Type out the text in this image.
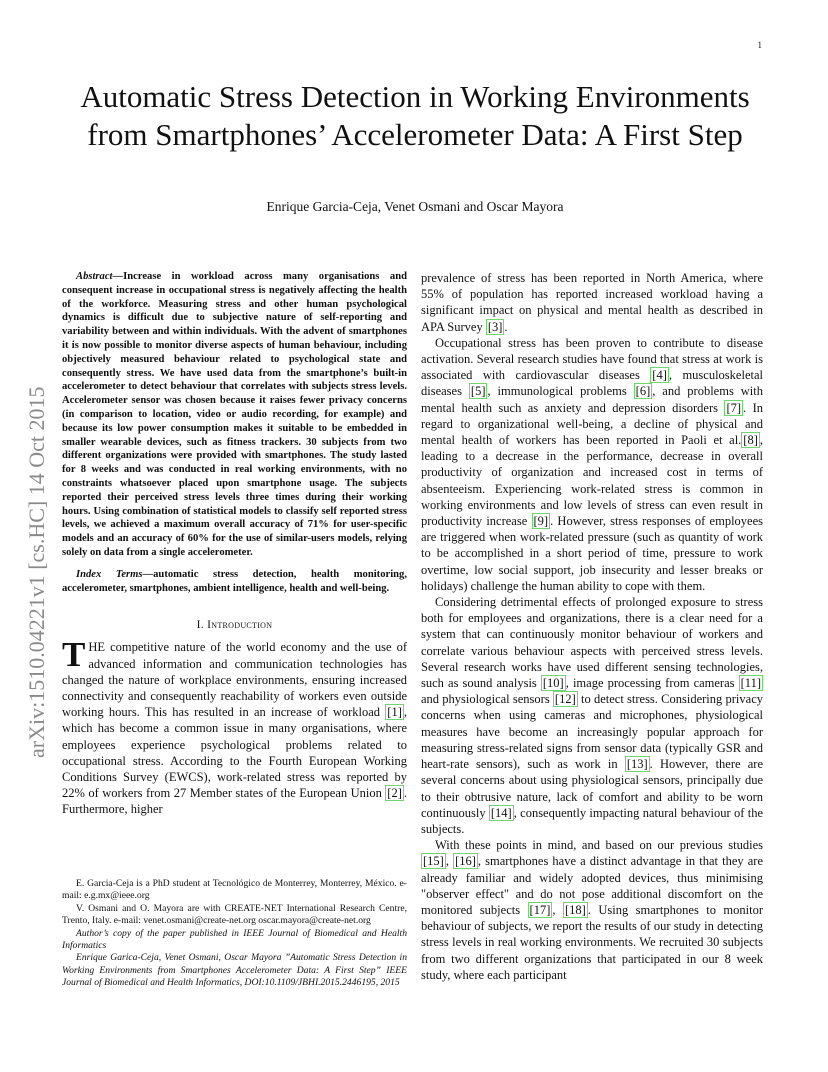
1
arXiv:1510.04221v1 [cs.HC] 14 Oct 2015
Automatic Stress Detection in Working Environments from Smartphones’ Accelerometer Data: A First Step
Enrique Garcia-Ceja, Venet Osmani and Oscar Mayora

Abstract—Increase in workload across many organisations and consequent increase in occupational stress is negatively affecting the health of the workforce. Measuring stress and other human psychological dynamics is difficult due to subjective nature of self-reporting and variability between and within individuals. With the advent of smartphones it is now possible to monitor diverse aspects of human behaviour, including objectively measured behaviour related to psychological state and consequently stress. We have used data from the smartphone’s built-in accelerometer to detect behaviour that correlates with subjects stress levels. Accelerometer sensor was chosen because it raises fewer privacy concerns (in comparison to location, video or audio recording, for example) and because its low power consumption makes it suitable to be embedded in smaller wearable devices, such as fitness trackers. 30 subjects from two different organizations were provided with smartphones. The study lasted for 8 weeks and was conducted in real working environments, with no constraints whatsoever placed upon smartphone usage. The subjects reported their perceived stress levels three times during their working hours. Using combination of statistical models to classify self reported stress levels, we achieved a maximum overall accuracy of 71% for user-specific models and an accuracy of 60% for the use of similar-users models, relying solely on data from a single accelerometer.

Index Terms—automatic stress detection, health monitoring, accelerometer, smartphones, ambient intelligence, health and well-being.

I. Introduction

THE competitive nature of the world economy and the use of advanced information and communication technologies has changed the nature of workplace environments, ensuring increased connectivity and consequently reachability of workers even outside working hours. This has resulted in an increase of workload [1] , which has become a common issue in many organisations, where employees experience psychological problems related to occupational stress. According to the Fourth European Working Conditions Survey (EWCS), work-related stress was reported by 22% of workers from 27 Member states of the European Union [2] . Furthermore, higher

E. Garcia-Ceja is a PhD student at Tecnológico de Monterrey, Monterrey, México. e-mail: e.g.mx@ieee.org

V. Osmani and O. Mayora are with CREATE-NET International Research Centre, Trento, Italy. e-mail: venet.osmani@create-net.org oscar.mayora@create-net.org

Author’s copy of the paper published in IEEE Journal of Biomedical and Health Informatics

Enrique Garica-Ceja, Venet Osmani, Oscar Mayora ”Automatic Stress Detection in Working Environments from Smartphones Accelerometer Data: A First Step” IEEE Journal of Biomedical and Health Informatics, DOI:10.1109/JBHI.2015.2446195, 2015

prevalence of stress has been reported in North America, where 55% of population has reported increased workload having a significant impact on physical and mental health as described in APA Survey [3] .

Occupational stress has been proven to contribute to disease activation. Several research studies have found that stress at work is associated with cardiovascular diseases [4] , musculoskeletal diseases [5] , immunological problems [6] , and problems with mental health such as anxiety and depression disorders [7] . In regard to organizational well-being, a decline of physical and mental health of workers has been reported in Paoli et al. [8] , leading to a decrease in the performance, decrease in overall productivity of organization and increased cost in terms of absenteeism. Experiencing work-related stress is common in working environments and low levels of stress can even result in productivity increase [9] . However, stress responses of employees are triggered when work-related pressure (such as quantity of work to be accomplished in a short period of time, pressure to work overtime, low social support, job insecurity and lesser breaks or holidays) challenge the human ability to cope with them.

Considering detrimental effects of prolonged exposure to stress both for employees and organizations, there is a clear need for a system that can continuously monitor behaviour of workers and correlate various behaviour aspects with perceived stress levels. Several research works have used different sensing technologies, such as sound analysis [10] , image processing from cameras [11] and physiological sensors [12] to detect stress. Considering privacy concerns when using cameras and microphones, physiological measures have become an increasingly popular approach for measuring stress-related signs from sensor data (typically GSR and heart-rate sensors), such as work in [13] . However, there are several concerns about using physiological sensors, principally due to their obtrusive nature, lack of comfort and ability to be worn continuously [14] , consequently impacting natural behaviour of the subjects.

With these points in mind, and based on our previous studies [15] , [16] , smartphones have a distinct advantage in that they are already familiar and widely adopted devices, thus minimising "observer effect" and do not pose additional discomfort on the monitored subjects [17] , [18] . Using smartphones to monitor behaviour of subjects, we report the results of our study in detecting stress levels in real working environments. We recruited 30 subjects from two different organizations that participated in our 8 week study, where each participant
